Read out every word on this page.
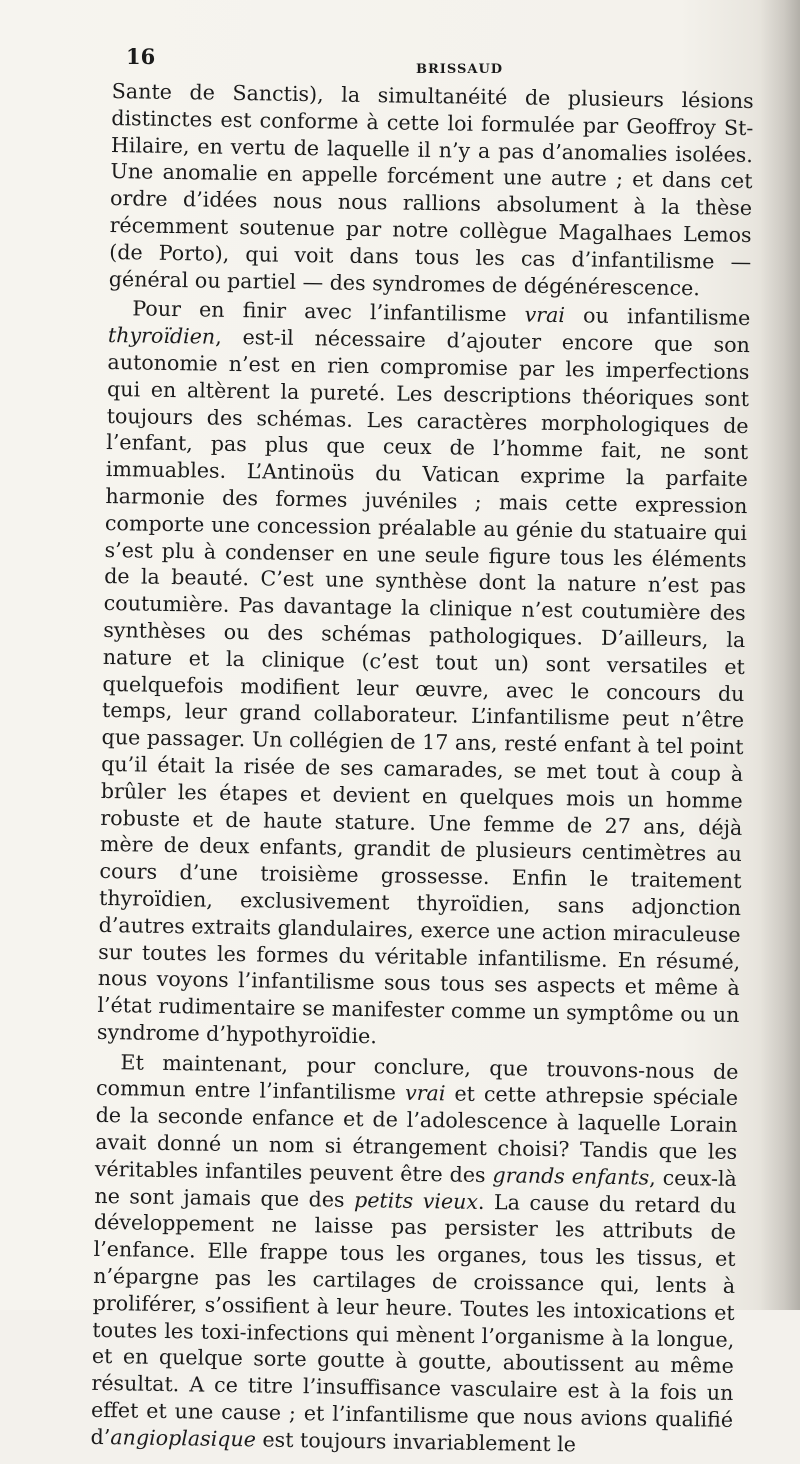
16
BRISSAUD

Sante de Sanctis), la simultanéité de plusieurs lésions distinctes est conforme à cette loi formulée par Geoffroy St-Hilaire, en vertu de laquelle il n’y a pas d’anomalies isolées. Une anomalie en appelle forcément une autre ; et dans cet ordre d’idées nous nous rallions absolument à la thèse récemment soutenue par notre collègue Magalhaes Lemos (de Porto), qui voit dans tous les cas d’infantilisme — général ou partiel — des syndromes de dégénérescence.

Pour en finir avec l’infantilisme vrai ou infantilisme thyroïdien, est-il nécessaire d’ajouter encore que son autonomie n’est en rien compromise par les imperfections qui en altèrent la pureté. Les descriptions théoriques sont toujours des schémas. Les caractères morphologiques de l’enfant, pas plus que ceux de l’homme fait, ne sont immuables. L’Antinoüs du Vatican exprime la parfaite harmonie des formes juvéniles ; mais cette expression comporte une concession préalable au génie du statuaire qui s’est plu à condenser en une seule figure tous les éléments de la beauté. C’est une synthèse dont la nature n’est pas coutumière. Pas davantage la clinique n’est coutumière des synthèses ou des schémas pathologiques. D’ailleurs, la nature et la clinique (c’est tout un) sont versatiles et quelquefois modifient leur œuvre, avec le concours du temps, leur grand collaborateur. L’infantilisme peut n’être que passager. Un collégien de 17 ans, resté enfant à tel point qu’il était la risée de ses camarades, se met tout à coup à brûler les étapes et devient en quelques mois un homme robuste et de haute stature. Une femme de 27 ans, déjà mère de deux enfants, grandit de plusieurs centimètres au cours d’une troisième grossesse. Enfin le traitement thyroïdien, exclusivement thyroïdien, sans adjonction d’autres extraits glandulaires, exerce une action miraculeuse sur toutes les formes du véritable infantilisme. En résumé, nous voyons l’infantilisme sous tous ses aspects et même à l’état rudimentaire se manifester comme un symptôme ou un syndrome d’hypothyroïdie.

Et maintenant, pour conclure, que trouvons-nous de commun entre l’infantilisme vrai et cette athrepsie spéciale de la seconde enfance et de l’adolescence à laquelle Lorain avait donné un nom si étrangement choisi? Tandis que les véritables infantiles peuvent être des grands enfants, ceux-là ne sont jamais que des petits vieux. La cause du retard du développement ne laisse pas persister les attributs de l’enfance. Elle frappe tous les organes, tous les tissus, et n’épargne pas les cartilages de croissance qui, lents à proliférer, s’ossifient à leur heure. Toutes les intoxications et toutes les toxi-infections qui mènent l’organisme à la longue, et en quelque sorte goutte à goutte, aboutissent au même résultat. A ce titre l’insuffisance vasculaire est à la fois un effet et une cause ; et l’infantilisme que nous avions qualifié d’angioplasique est toujours invariablement le
